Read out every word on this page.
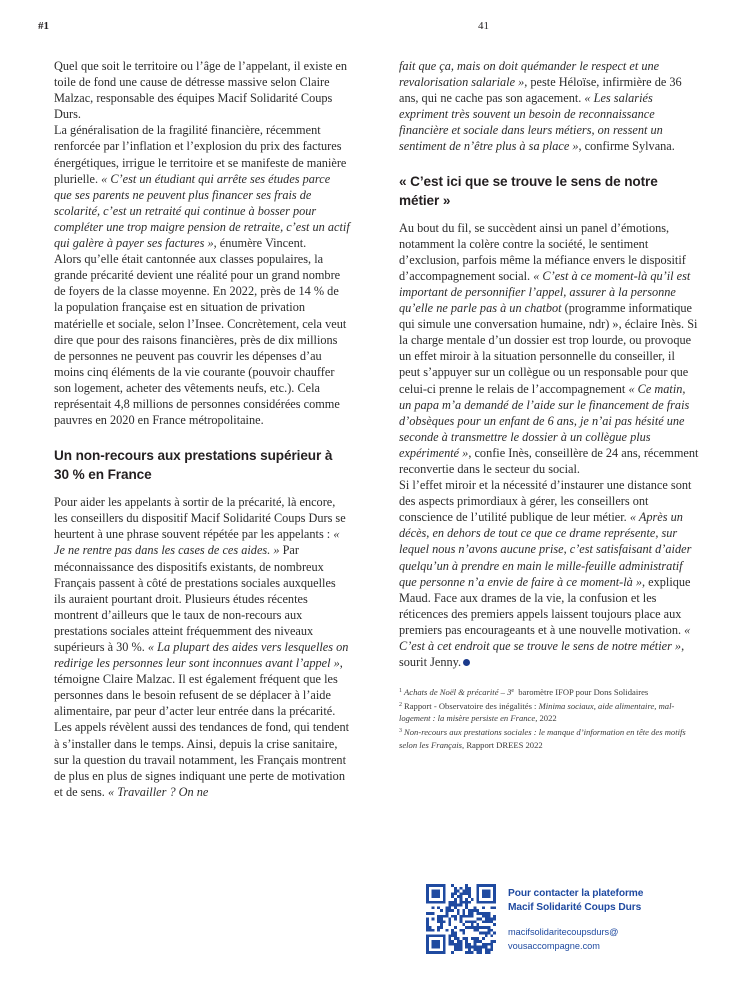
#1	41

Quel que soit le territoire ou l’âge de l’appelant, il existe en toile de fond une cause de détresse massive selon Claire Malzac, responsable des équipes Macif Solidarité Coups Durs.

La généralisation de la fragilité financière, récemment renforcée par l’inflation et l’explosion du prix des factures énergétiques, irrigue le territoire et se manifeste de manière plurielle. « C’est un étudiant qui arrête ses études parce que ses parents ne peuvent plus financer ses frais de scolarité, c’est un retraité qui continue à bosser pour compléter une trop maigre pension de retraite, c’est un actif qui galère à payer ses factures », énumère Vincent.

Alors qu’elle était cantonnée aux classes populaires, la grande précarité devient une réalité pour un grand nombre de foyers de la classe moyenne. En 2022, près de 14 % de la population française est en situation de privation matérielle et sociale, selon l’Insee. Concrètement, cela veut dire que pour des raisons financières, près de dix millions de personnes ne peuvent pas couvrir les dépenses d’au moins cinq éléments de la vie courante (pouvoir chauffer son logement, acheter des vêtements neufs, etc.). Cela représentait 4,8 millions de personnes considérées comme pauvres en 2020 en France métropolitaine.

Un non-recours aux prestations supérieur à 30 % en France

Pour aider les appelants à sortir de la précarité, là encore, les conseillers du dispositif Macif Solidarité Coups Durs se heurtent à une phrase souvent répétée par les appelants : « Je ne rentre pas dans les cases de ces aides. » Par méconnaissance des dispositifs existants, de nombreux Français passent à côté de prestations sociales auxquelles ils auraient pourtant droit. Plusieurs études récentes montrent d’ailleurs que le taux de non-recours aux prestations sociales atteint fréquemment des niveaux supérieurs à 30 %. « La plupart des aides vers lesquelles on redirige les personnes leur sont inconnues avant l’appel », témoigne Claire Malzac. Il est également fréquent que les personnes dans le besoin refusent de se déplacer à l’aide alimentaire, par peur d’acter leur entrée dans la précarité.

Les appels révèlent aussi des tendances de fond, qui tendent à s’installer dans le temps. Ainsi, depuis la crise sanitaire, sur la question du travail notamment, les Français montrent de plus en plus de signes indiquant une perte de motivation et de sens. « Travailler ? On ne

fait que ça, mais on doit quémander le respect et une revalorisation salariale », peste Héloïse, infirmière de 36 ans, qui ne cache pas son agacement. « Les salariés expriment très souvent un besoin de reconnaissance financière et sociale dans leurs métiers, on ressent un sentiment de n’être plus à sa place », confirme Sylvana.

« C’est ici que se trouve le sens de notre métier »

Au bout du fil, se succèdent ainsi un panel d’émotions, notamment la colère contre la société, le sentiment d’exclusion, parfois même la méfiance envers le dispositif d’accompagnement social. « C’est à ce moment-là qu’il est important de personnifier l’appel, assurer à la personne qu’elle ne parle pas à un chatbot (programme informatique qui simule une conversation humaine, ndr) », éclaire Inès. Si la charge mentale d’un dossier est trop lourde, ou provoque un effet miroir à la situation personnelle du conseiller, il peut s’appuyer sur un collègue ou un responsable pour que celui-ci prenne le relais de l’accompagnement « Ce matin, un papa m’a demandé de l’aide sur le financement de frais d’obsèques pour un enfant de 6 ans, je n’ai pas hésité une seconde à transmettre le dossier à un collègue plus expérimenté », confie Inès, conseillère de 24 ans, récemment reconvertie dans le secteur du social.

Si l’effet miroir et la nécessité d’instaurer une distance sont des aspects primordiaux à gérer, les conseillers ont conscience de l’utilité publique de leur métier. « Après un décès, en dehors de tout ce que ce drame représente, sur lequel nous n’avons aucune prise, c’est satisfaisant d’aider quelqu’un à prendre en main le mille-feuille administratif que personne n’a envie de faire à ce moment-là », explique Maud. Face aux drames de la vie, la confusion et les réticences des premiers appels laissent toujours place aux premiers pas encourageants et à une nouvelle motivation. « C’est à cet endroit que se trouve le sens de notre métier », sourit Jenny.

$^1$ Achats de Noël & précarité – 3e baromètre IFOP pour Dons Solidaires

$^2$ Rapport - Observatoire des inégalités : Minima sociaux, aide alimentaire, mal-logement : la misère persiste en France, 2022

$^3$ Non-recours aux prestations sociales : le manque d’information en tête des motifs selon les Français, Rapport DREES 2022

Pour contacter la plateforme
Macif Solidarité Coups Durs
macifsolidaritecoupsdurs@
vousaccompagne.com
